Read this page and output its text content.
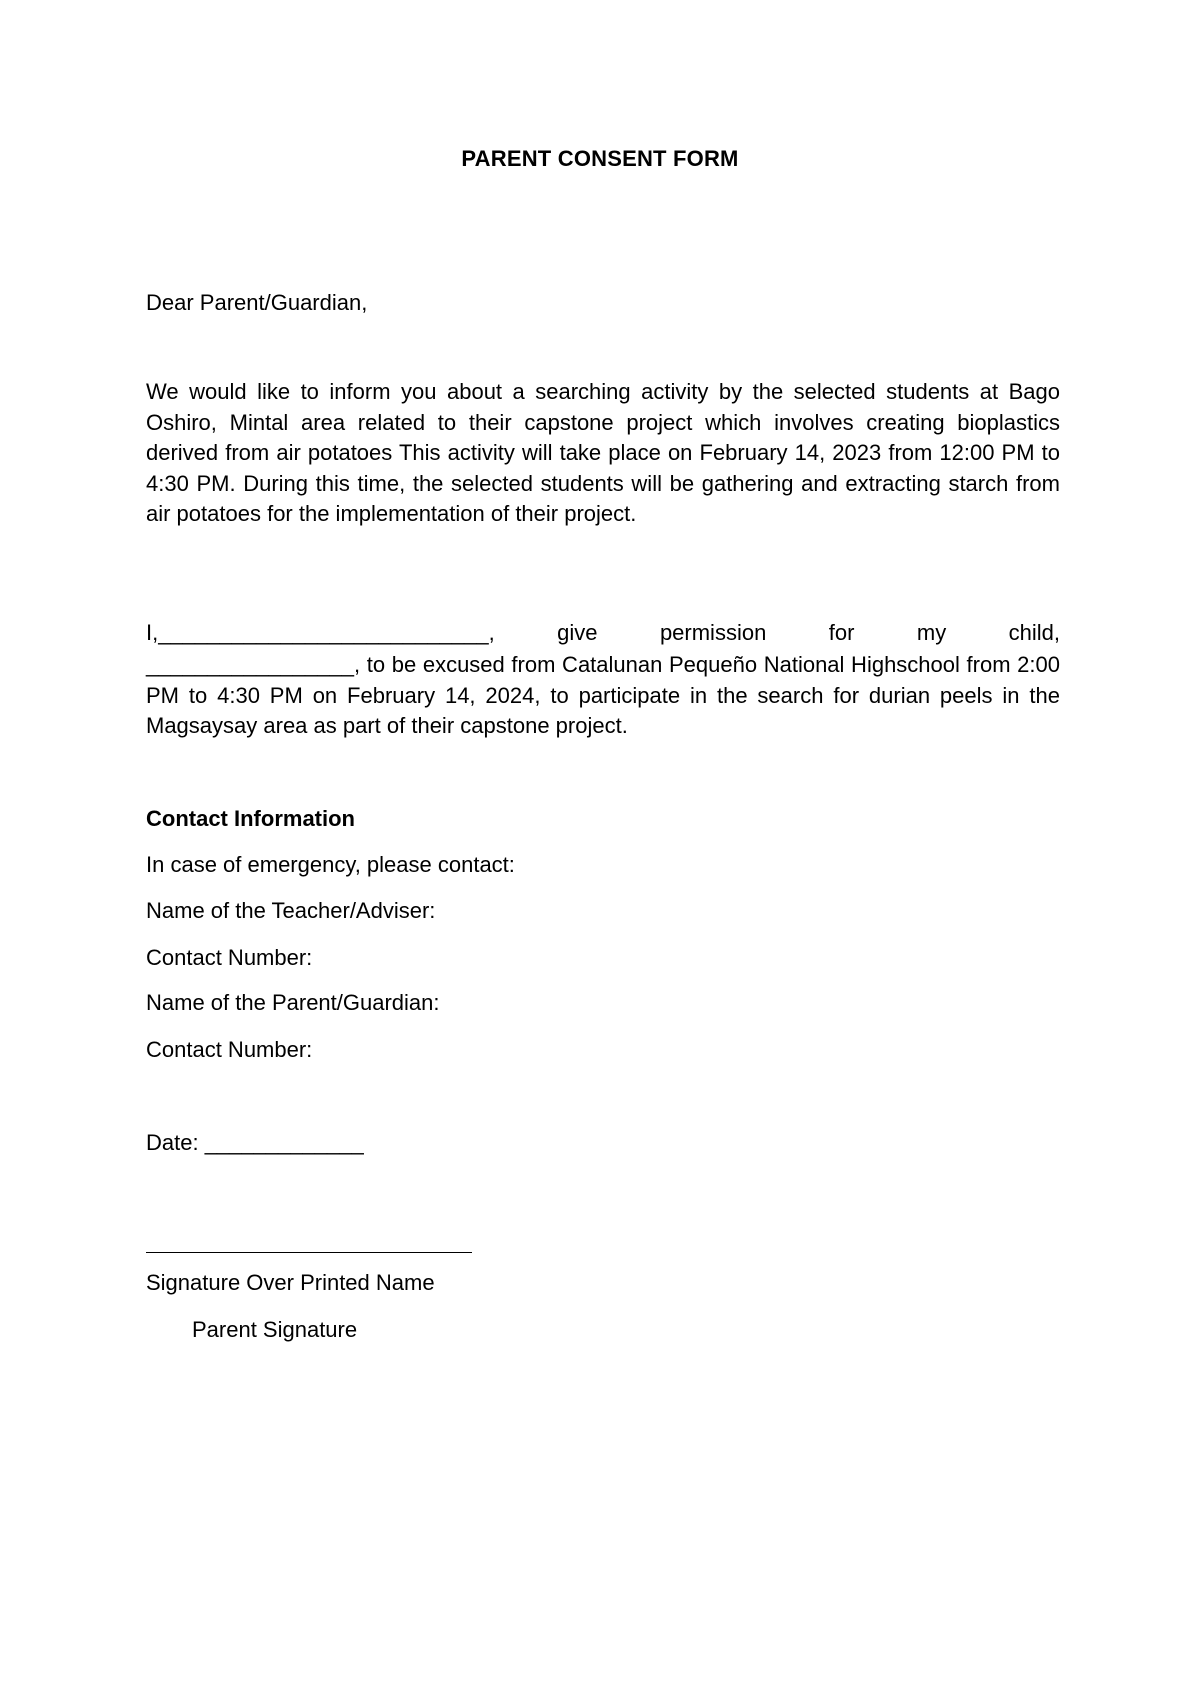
PARENT CONSENT FORM
Dear Parent/Guardian,
We would like to inform you about a searching activity by the selected students at Bago Oshiro, Mintal area related to their capstone project which involves creating bioplastics derived from air potatoes This activity will take place on February 14, 2023 from 12:00 PM to 4:30 PM. During this time, the selected students will be gathering and extracting starch from air potatoes for the implementation of their project.
I,___________________________,	give	permission	for	my	child,
_________________, to be excused from Catalunan Pequeño National Highschool from 2:00 PM to 4:30 PM on February 14, 2024, to participate in the search for durian peels in the Magsaysay area as part of their capstone project.
Contact Information
In case of emergency, please contact:
Name of the Teacher/Adviser:
Contact Number:
Name of the Parent/Guardian:
Contact Number:
Date: _____________
Signature Over Printed Name
Parent Signature
